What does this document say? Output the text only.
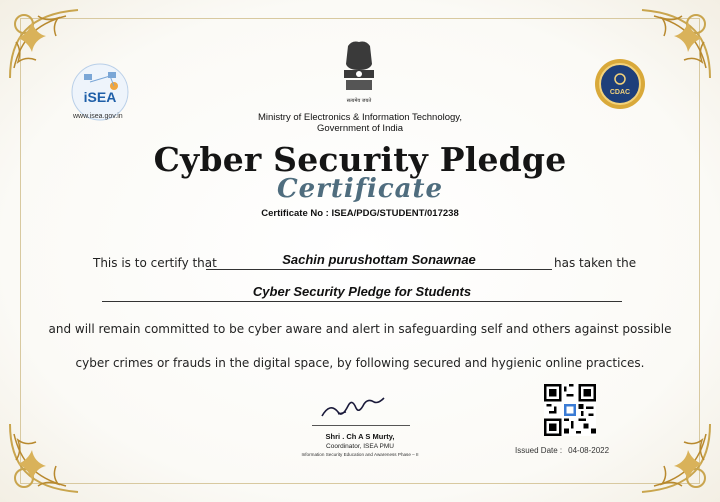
iSEA
www.isea.gov.in
सत्यमेव जयते
Ministry of Electronics & Information Technology,
Government of India
CDAC
Cyber Security Pledge
Certificate
Certificate No : ISEA/PDG/STUDENT/017238
This is to certify that	Sachin purushottam Sonawnae	has taken the
Cyber Security Pledge for Students
and will remain committed to be cyber aware and alert in safeguarding self and others against possible
cyber crimes or frauds in the digital space, by following secured and hygienic online practices.
Shri . Ch A S Murty,
Coordinator, ISEA PMU
Information Security Education and Awareness Phase – II	Issued Date : 04-08-2022
